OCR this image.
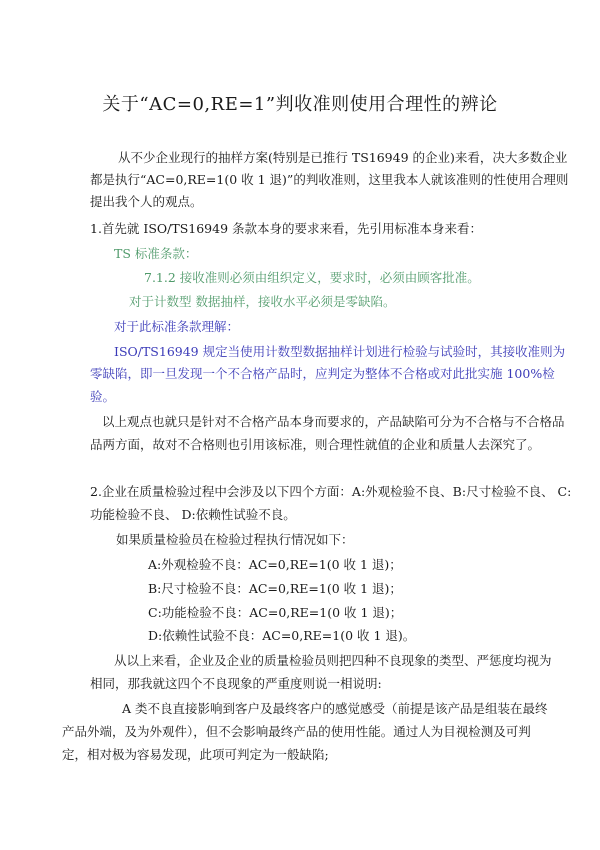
关于“AC=0,RE=1”判收准则使用合理性的辨论
从不少企业现行的抽样方案(特别是已推行 TS16949 的企业)来看，决大多数企业
都是执行“AC=0,RE=1(0 收 1 退)”的判收准则，这里我本人就该准则的性使用合理则
提出我个人的观点。
1.首先就 ISO/TS16949 条款本身的要求来看，先引用标准本身来看：
TS 标准条款：
7.1.2 接收准则必须由组织定义，要求时，必须由顾客批准。
对于计数型 数据抽样，接收水平必须是零缺陷。
对于此标准条款理解：
ISO/TS16949 规定当使用计数型数据抽样计划进行检验与试验时，其接收准则为
零缺陷，即一旦发现一个不合格产品时，应判定为整体不合格或对此批实施 100%检
验。
以上观点也就只是针对不合格产品本身而要求的，产品缺陷可分为不合格与不合格品
品两方面，故对不合格则也引用该标准，则合理性就值的企业和质量人去深究了。
2.企业在质量检验过程中会涉及以下四个方面：A:外观检验不良、B:尺寸检验不良、 C:
功能检验不良、 D:依赖性试验不良。
如果质量检验员在检验过程执行情况如下：
A:外观检验不良：AC=0,RE=1(0 收 1 退)；
B:尺寸检验不良：AC=0,RE=1(0 收 1 退)；
C:功能检验不良：AC=0,RE=1(0 收 1 退)；
D:依赖性试验不良：AC=0,RE=1(0 收 1 退)。
从以上来看，企业及企业的质量检验员则把四种不良现象的类型、严惩度均视为
相同，那我就这四个不良现象的严重度则说一相说明:
A 类不良直接影响到客户及最终客户的感觉感受（前提是该产品是组装在最终
产品外端，及为外观件），但不会影响最终产品的使用性能。通过人为目视检测及可判
定，相对极为容易发现，此项可判定为一般缺陷;
